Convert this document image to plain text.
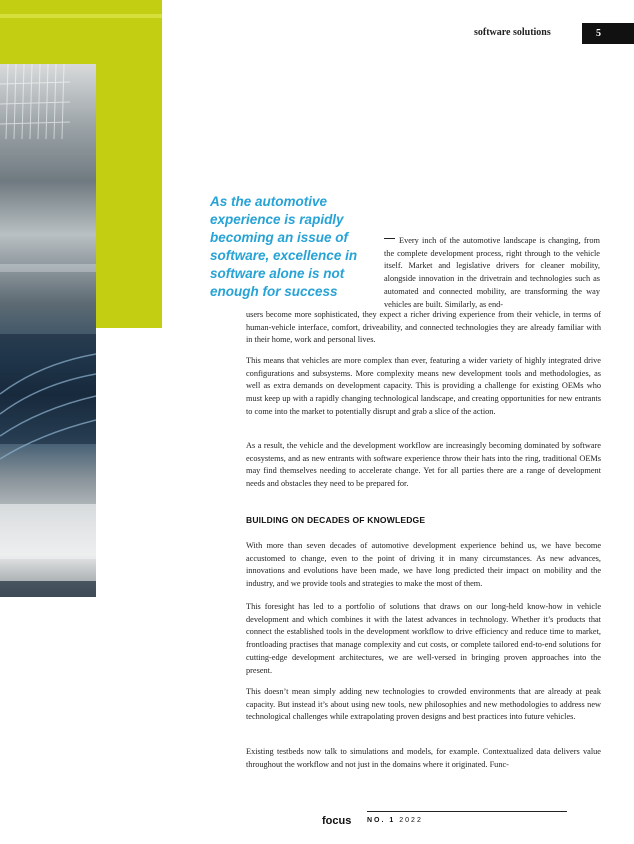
software solutions	5
As the automotive experience is rapidly becoming an issue of software, excellence in software alone is not enough for success

Every inch of the automotive landscape is changing, from the complete development process, right through to the vehicle itself. Market and legislative drivers for cleaner mobility, alongside innovation in the drivetrain and technologies such as automated and connected mobility, are transforming the way vehicles are built. Similarly, as end-

users become more sophisticated, they expect a richer driving experience from their vehicle, in terms of human-vehicle interface, comfort, driveability, and connected technologies they are already familiar with in their home, work and personal lives.

This means that vehicles are more complex than ever, featuring a wider variety of highly integrated drive configurations and subsystems. More complexity means new development tools and methodologies, as well as extra demands on development capacity. This is providing a challenge for existing OEMs who must keep up with a rapidly changing technological landscape, and creating opportunities for new entrants to come into the market to potentially disrupt and grab a slice of the action.

As a result, the vehicle and the development workflow are increasingly becoming dominated by software ecosystems, and as new entrants with software experience throw their hats into the ring, traditional OEMs may find themselves needing to accelerate change. Yet for all parties there are a range of development needs and obstacles they need to be prepared for.

BUILDING ON DECADES OF KNOWLEDGE

With more than seven decades of automotive development experience behind us, we have become accustomed to change, even to the point of driving it in many circumstances. As new advances, innovations and evolutions have been made, we have long predicted their impact on mobility and the industry, and we provide tools and strategies to make the most of them.

This foresight has led to a portfolio of solutions that draws on our long-held know-how in vehicle development and which combines it with the latest advances in technology. Whether it’s products that connect the established tools in the development workflow to drive efficiency and reduce time to market, frontloading practises that manage complexity and cut costs, or complete tailored end-to-end solutions for cutting-edge development architectures, we are well-versed in bringing proven approaches into the present.

This doesn’t mean simply adding new technologies to crowded environments that are already at peak capacity. But instead it’s about using new tools, new philosophies and new methodologies to address new technological challenges while extrapolating proven designs and best practices into future vehicles.

Existing testbeds now talk to simulations and models, for example. Contextualized data delivers value throughout the workflow and not just in the domains where it originated. Func-

focus NO. 1 2022
